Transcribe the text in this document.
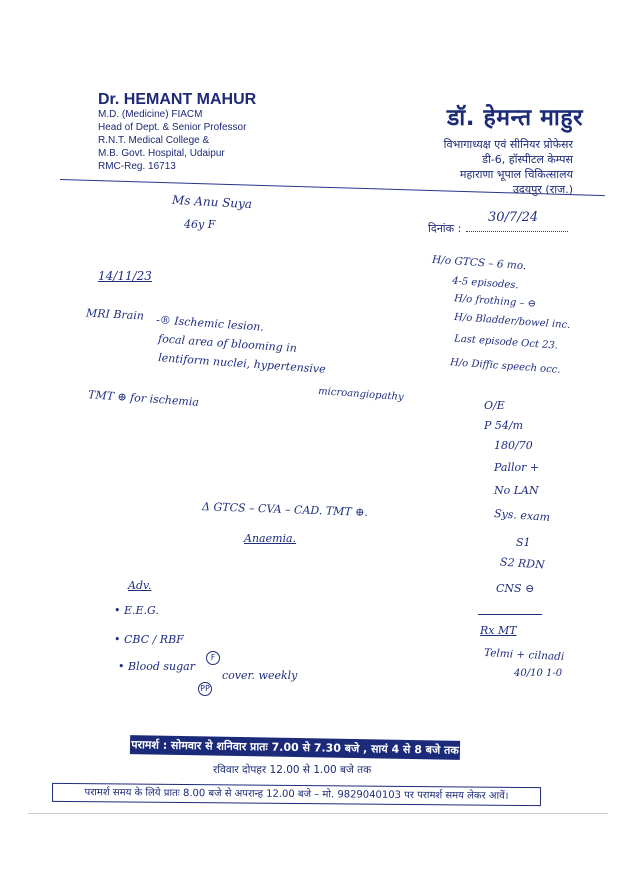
Dr. HEMANT MAHUR
M.D. (Medicine) FIACM
Head of Dept. & Senior Professor
R.N.T. Medical College &
M.B. Govt. Hospital, Udaipur
RMC-Reg. 16713
डॉ. हेमन्त माहुर
विभागाध्यक्ष एवं सीनियर प्रोफेसर
डी-6, हॉस्पीटल केम्पस
महाराणा भूपाल चिकित्सालय
उदयपुर (राज.)
दिनांक :
30/7/24
Ms Anu Suya
46y F
14/11/23
MRI Brain -® Ischemic lesion.
focal area of blooming in
lentiform nuclei, hypertensive
microangiopathy
TMT ⊕ for ischemia
H/o GTCS – 6 mo.
4-5 episodes.
H/o frothing – ⊖
H/o Bladder/bowel inc.
Last episode Oct 23.
H/o Diffic speech occ.
O/E
P 54/m
180/70
Pallor +
No LAN
Sys. exam
S1
S2 RDN
CNS ⊖
Δ GTCS – CVA – CAD. TMT ⊕.
Anaemia.
Adv.
• E.E.G.
• CBC / RBF
• Blood sugar
cover. weekly
F
PP
Rx MT
Telmi + cilnadi
40/10 1-0
परामर्श : सोमवार से शनिवार प्रातः 7.00 से 7.30 बजे , सायं 4 से 8 बजे तक
रविवार दोपहर 12.00 से 1.00 बजे तक
परामर्श समय के लिये प्रातः 8.00 बजे से अपरान्ह 12.00 बजे – मो. 9829040103 पर परामर्श समय लेकर आवें।
